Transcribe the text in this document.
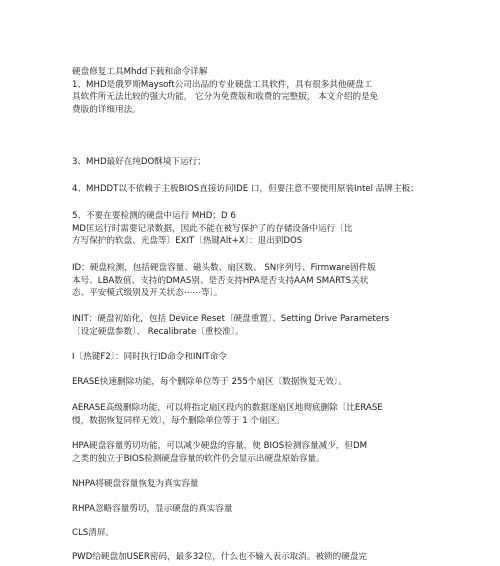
硬盘修复工具Mhdd下载和命令详解
1、MHD是俄罗斯Maysoft公司出品的专业硬盘工具软件，具有很多其他硬盘工
具软件所无法比较的强大功能， 它分为免费版和收费的完整版， 本文介绍的是免
费版的详细用法。
3、MHD最好在纯DO酥境下运行；
4、MHDDT以不依赖于主板BIOS直接访问IDE 口，但要注意不要使用原装Intel 品牌主板；
5、不要在要检测的硬盘中运行 MHD；D 6
MD匡运行时需要记录数据，因此不能在被写保护了的存储设备中运行〔比
方写保护的软盘、光盘等〕EXIT〔热键Alt+X〕：退出到DOS
ID：硬盘检测，包括硬盘容量、磁头数、扇区数、 SN序列号、Firmware固件版
本号、LBA数值、支持的DMAS别、是否支持HPA是否支持AAM SMARTS关状
态、平安模式级别及开关状态⋯⋯等〕。
INIT：硬盘初始化，包括 Device Reset〔硬盘重置〕、Setting Drive Parameters
〔设定硬盘参数〕、 Recalibrate〔重校准〕。
I〔热键F2〕：同时执行ID命令和INIT命令
ERASE快速删除功能，每个删除单位等于 255个扇区〔数据恢复无效〕。
AERASE高级删除功能，可以将指定扇区段内的数据逐扇区地彻底删除〔比ERASE
慢，数据恢复同样无效〕，每个删除单位等于 1 个扇区。
HPA硬盘容量剪切功能，可以减少硬盘的容量，使 BIOS检测容量减少，但DM
之类的独立于BIOS检测硬盘容量的软件仍会显示出硬盘原始容量。
NHPA将硬盘容量恢复为真实容量
RHPA忽略容量剪切，显示硬盘的真实容量
CLS清屏。
PWD给硬盘加USER密码，最多32位，什么也不输入表示取消。被锁的硬盘完
